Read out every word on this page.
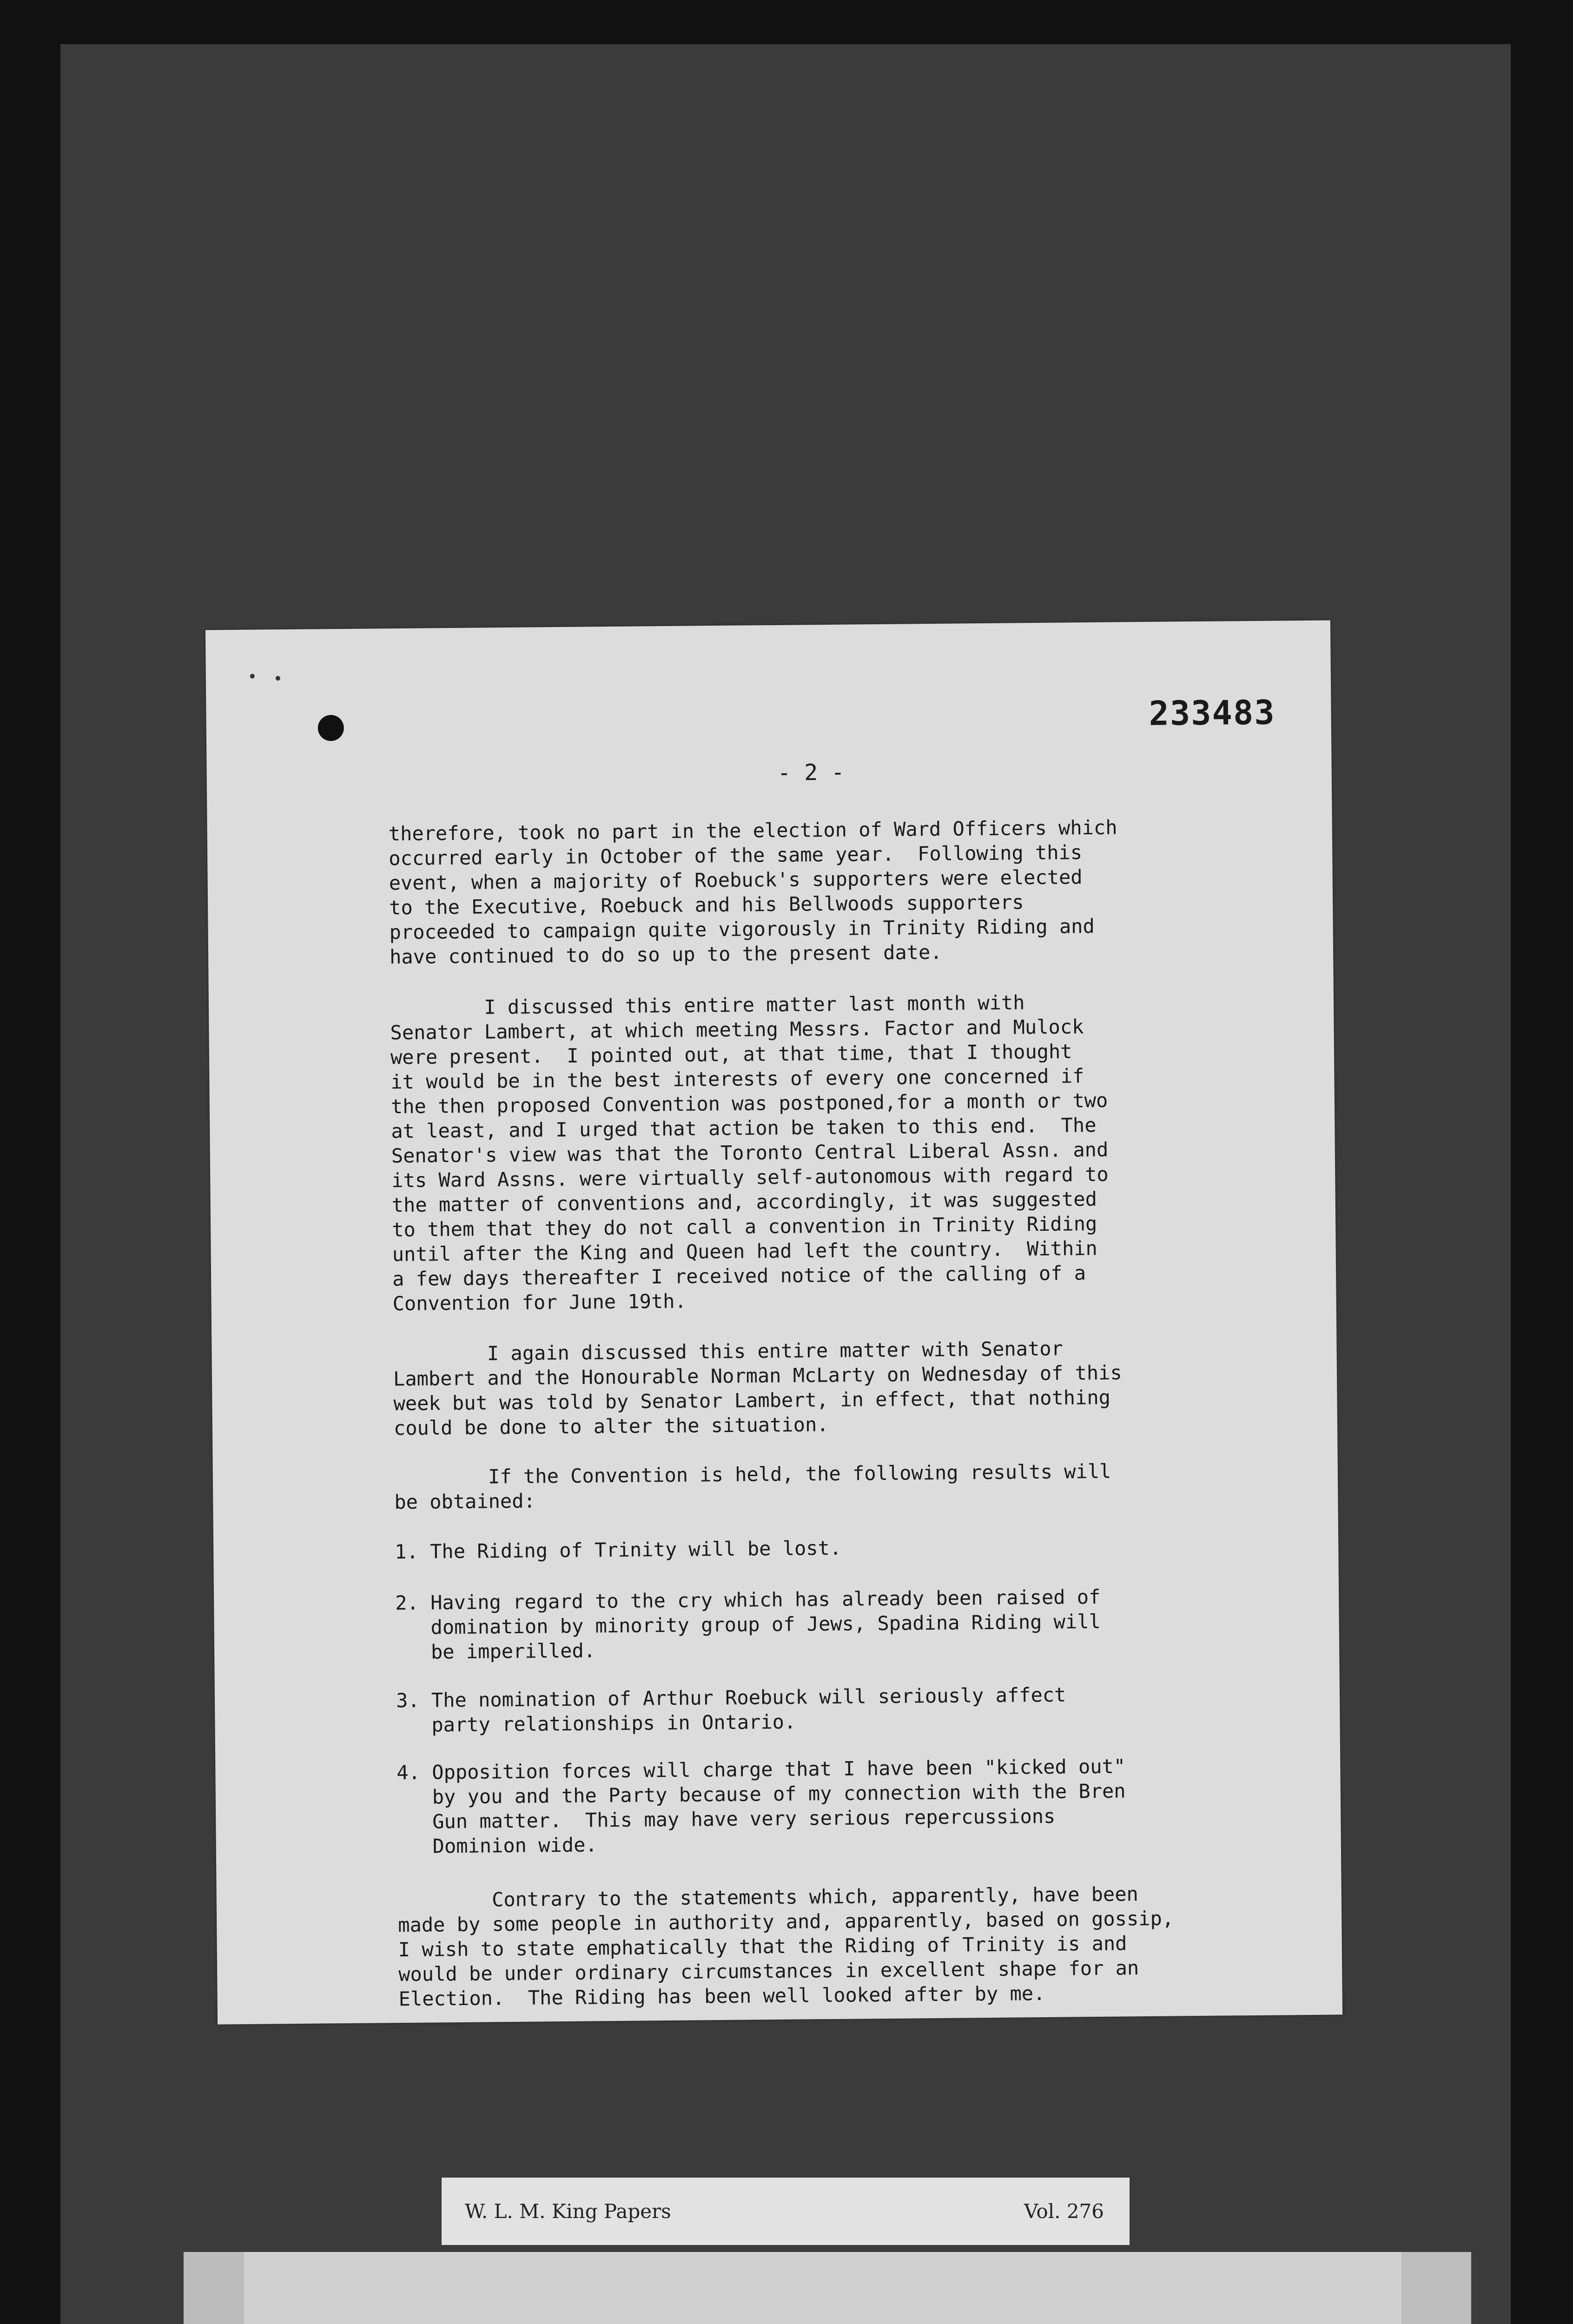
233483
- 2 -
therefore, took no part in the election of Ward Officers which
occurred early in October of the same year.  Following this
event, when a majority of Roebuck's supporters were elected
to the Executive, Roebuck and his Bellwoods supporters
proceeded to campaign quite vigorously in Trinity Riding and
have continued to do so up to the present date.
I discussed this entire matter last month with
Senator Lambert, at which meeting Messrs. Factor and Mulock
were present.  I pointed out, at that time, that I thought
it would be in the best interests of every one concerned if
the then proposed Convention was postponed,for a month or two
at least, and I urged that action be taken to this end.  The
Senator's view was that the Toronto Central Liberal Assn. and
its Ward Assns. were virtually self-autonomous with regard to
the matter of conventions and, accordingly, it was suggested
to them that they do not call a convention in Trinity Riding
until after the King and Queen had left the country.  Within
a few days thereafter I received notice of the calling of a
Convention for June 19th.
I again discussed this entire matter with Senator
Lambert and the Honourable Norman McLarty on Wednesday of this
week but was told by Senator Lambert, in effect, that nothing
could be done to alter the situation.
If the Convention is held, the following results will
be obtained:
1. The Riding of Trinity will be lost.
2. Having regard to the cry which has already been raised of
domination by minority group of Jews, Spadina Riding will
be imperilled.
3. The nomination of Arthur Roebuck will seriously affect
party relationships in Ontario.
4. Opposition forces will charge that I have been "kicked out"
by you and the Party because of my connection with the Bren
Gun matter.  This may have very serious repercussions
Dominion wide.
Contrary to the statements which, apparently, have been
made by some people in authority and, apparently, based on gossip,
I wish to state emphatically that the Riding of Trinity is and
would be under ordinary circumstances in excellent shape for an
Election.  The Riding has been well looked after by me.
W. L. M. King Papers	Vol. 276
